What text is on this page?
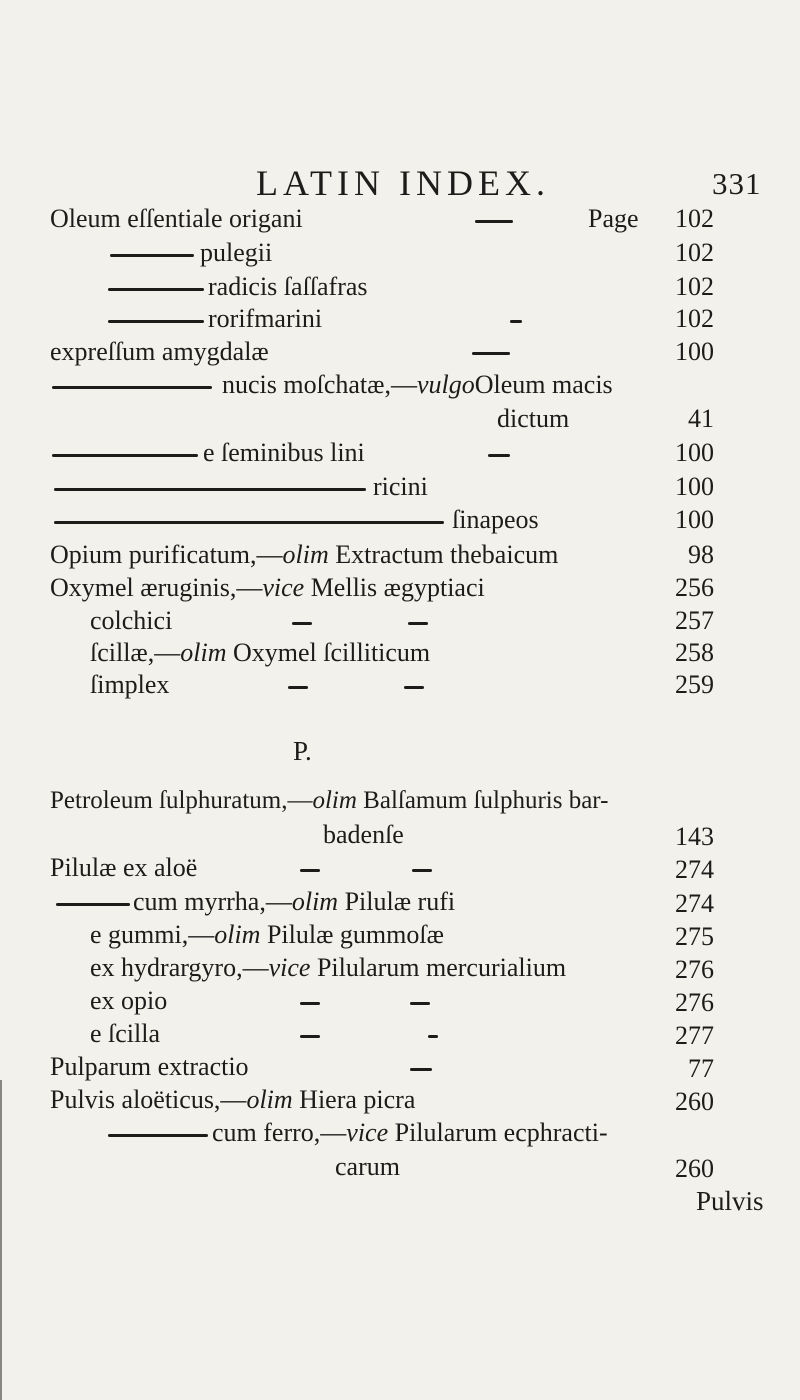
LATIN INDEX.	331
Oleum eſſentiale origani	Page	102
pulegii	102
radicis ſaſſafras	102
rorifmarini	102
expreſſum amygdalæ	100
nucis moſchatæ,—vulgoOleum macis
dictum	41
e ſeminibus lini	100
ricini	100
ſinapeos	100
Opium purificatum,—olim Extractum thebaicum	98
Oxymel æruginis,—vice Mellis ægyptiaci	256
colchici	257
ſcillæ,—olim Oxymel ſcilliticum	258
ſimplex	259
P.
Petroleum ſulphuratum,—olim Balſamum ſulphuris bar-
badenſe	143
Pilulæ ex aloë	274
cum myrrha,—olim Pilulæ rufi	274
e gummi,—olim Pilulæ gummoſæ	275
ex hydrargyro,—vice Pilularum mercurialium	276
ex opio	276
e ſcilla	277
Pulparum extractio	77
Pulvis aloëticus,—olim Hiera picra	260
cum ferro,—vice Pilularum ecphracti-
carum	260
Pulvis
